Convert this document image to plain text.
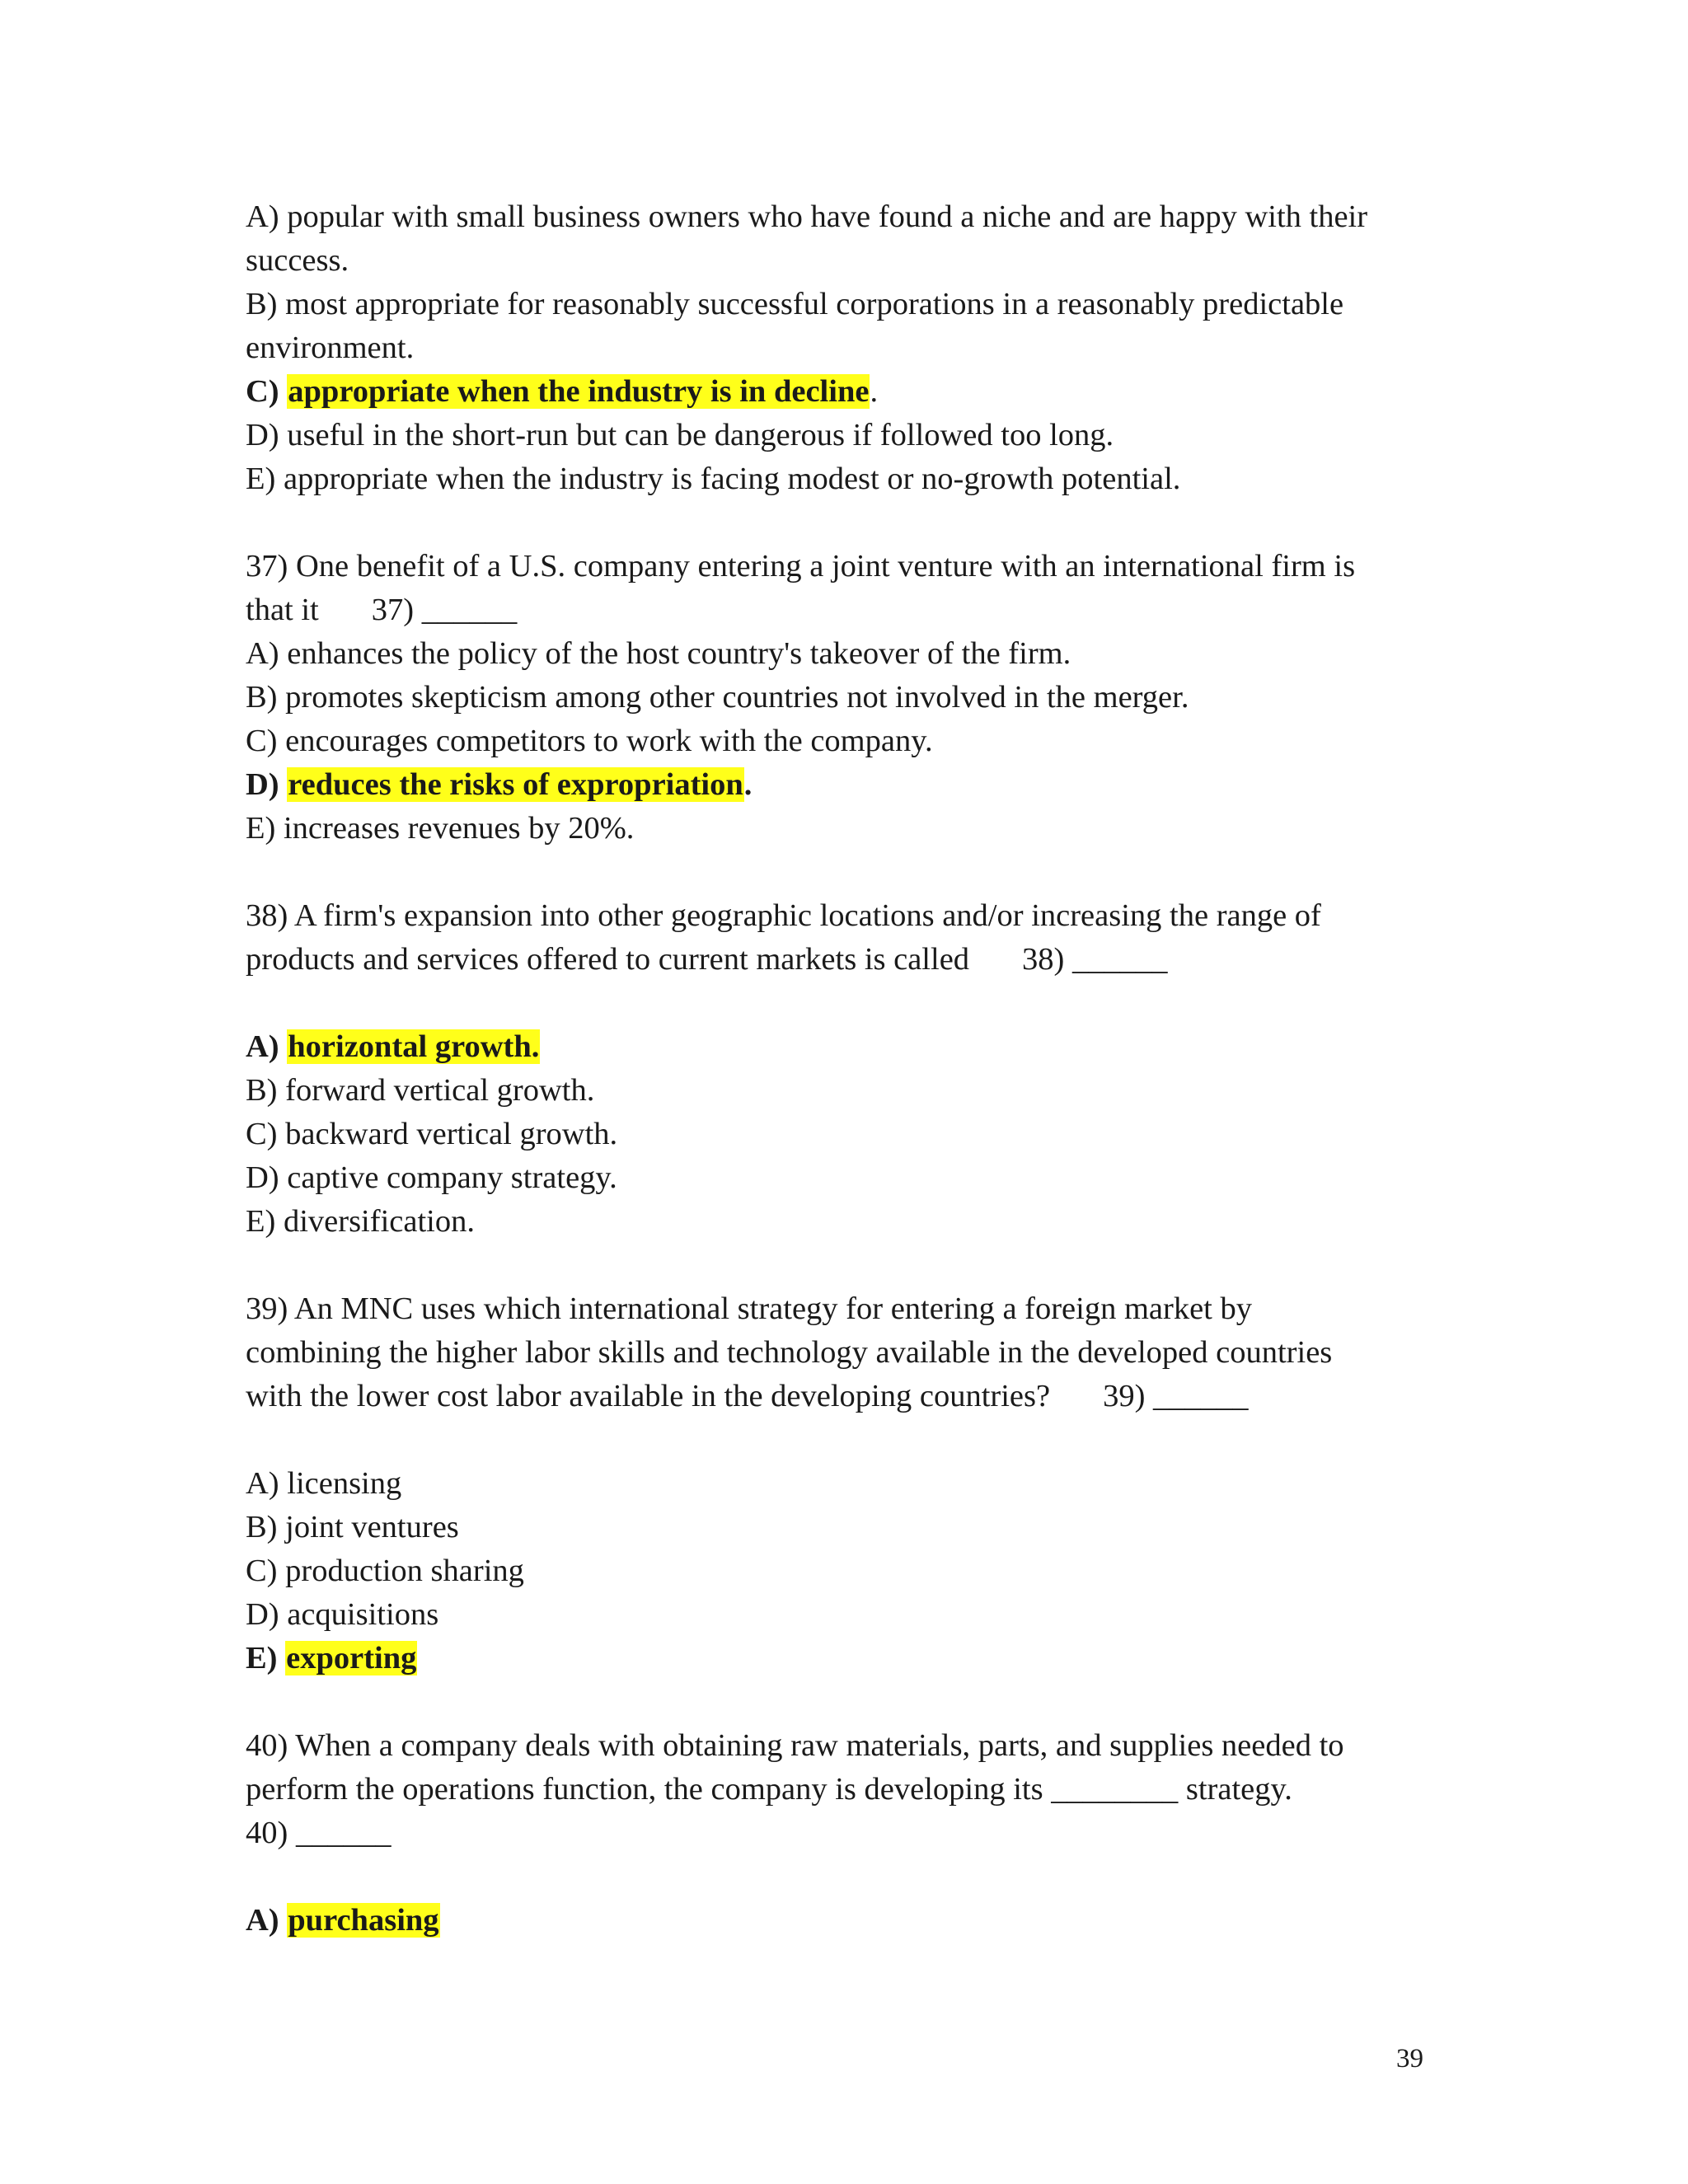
A) popular with small business owners who have found a niche and are happy with their
success.
B) most appropriate for reasonably successful corporations in a reasonably predictable
environment.
C) appropriate when the industry is in decline.
D) useful in the short-run but can be dangerous if followed too long.
E) appropriate when the industry is facing modest or no-growth potential.
37) One benefit of a U.S. company entering a joint venture with an international firm is
that it 37) ______
A) enhances the policy of the host country's takeover of the firm.
B) promotes skepticism among other countries not involved in the merger.
C) encourages competitors to work with the company.
D) reduces the risks of expropriation.
E) increases revenues by 20%.
38) A firm's expansion into other geographic locations and/or increasing the range of
products and services offered to current markets is called 38) ______
A) horizontal growth.
B) forward vertical growth.
C) backward vertical growth.
D) captive company strategy.
E) diversification.
39) An MNC uses which international strategy for entering a foreign market by
combining the higher labor skills and technology available in the developed countries
with the lower cost labor available in the developing countries? 39) ______
A) licensing
B) joint ventures
C) production sharing
D) acquisitions
E) exporting
40) When a company deals with obtaining raw materials, parts, and supplies needed to
perform the operations function, the company is developing its ________ strategy.
40) ______
A) purchasing
39
